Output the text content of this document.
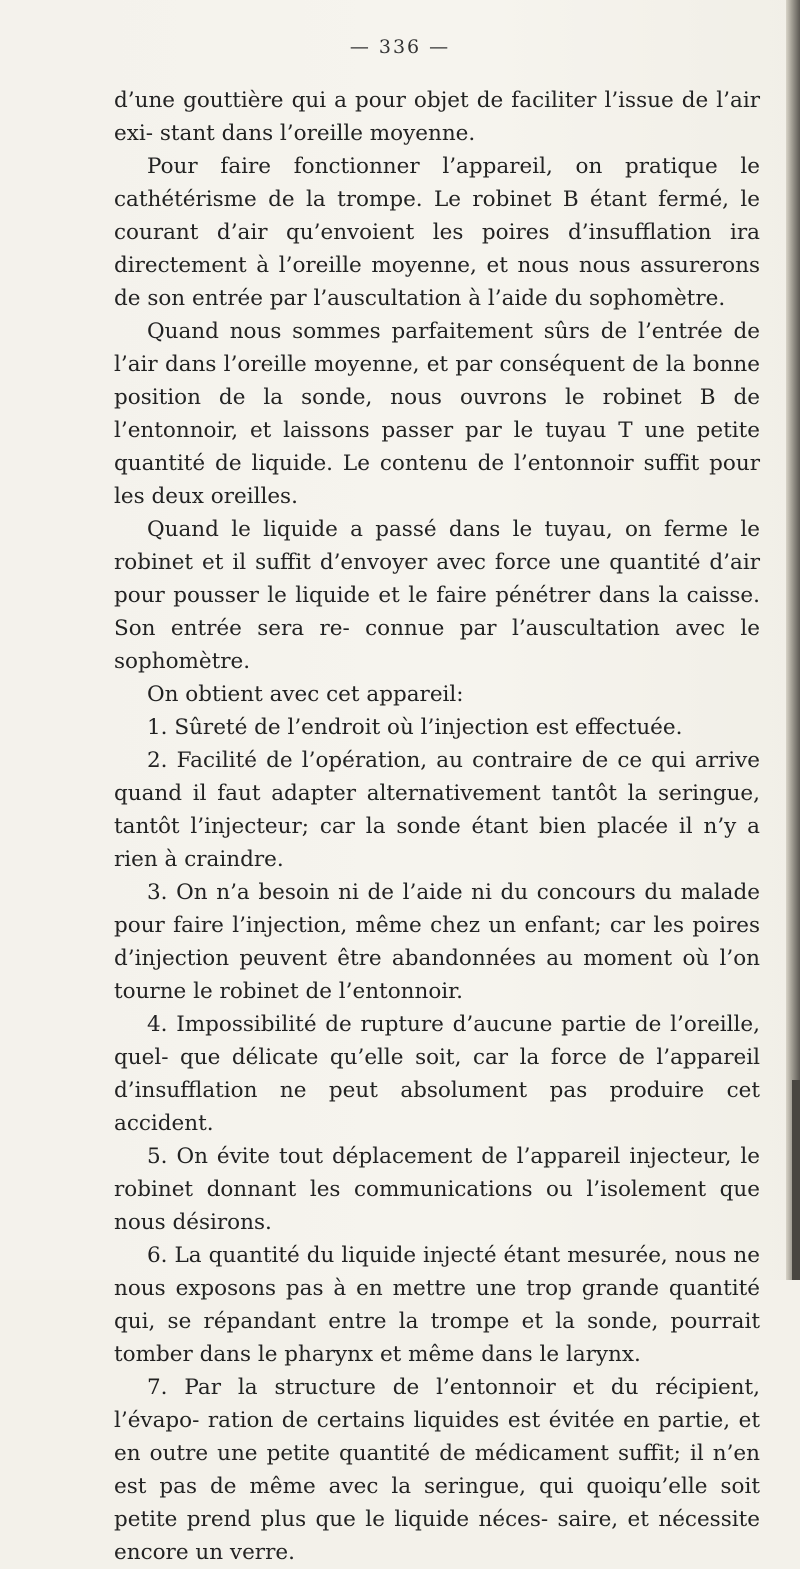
— 336 —

d’une gouttière qui a pour objet de faciliter l’issue de l’air exi- stant dans l’oreille moyenne.

Pour faire fonctionner l’appareil, on pratique le cathétérisme de la trompe. Le robinet B étant fermé, le courant d’air qu’envoient les poires d’insufflation ira directement à l’oreille moyenne, et nous nous assurerons de son entrée par l’auscultation à l’aide du sophomètre.

Quand nous sommes parfaitement sûrs de l’entrée de l’air dans l’oreille moyenne, et par conséquent de la bonne position de la sonde, nous ouvrons le robinet B de l’entonnoir, et laissons passer par le tuyau T une petite quantité de liquide. Le contenu de l’entonnoir suffit pour les deux oreilles.

Quand le liquide a passé dans le tuyau, on ferme le robinet et il suffit d’envoyer avec force une quantité d’air pour pousser le liquide et le faire pénétrer dans la caisse. Son entrée sera re- connue par l’auscultation avec le sophomètre.

On obtient avec cet appareil:

1. Sûreté de l’endroit où l’injection est effectuée.

2. Facilité de l’opération, au contraire de ce qui arrive quand il faut adapter alternativement tantôt la seringue, tantôt l’injecteur; car la sonde étant bien placée il n’y a rien à craindre.

3. On n’a besoin ni de l’aide ni du concours du malade pour faire l’injection, même chez un enfant; car les poires d’injection peuvent être abandonnées au moment où l’on tourne le robinet de l’entonnoir.

4. Impossibilité de rupture d’aucune partie de l’oreille, quel- que délicate qu’elle soit, car la force de l’appareil d’insufflation ne peut absolument pas produire cet accident.

5. On évite tout déplacement de l’appareil injecteur, le robinet donnant les communications ou l’isolement que nous désirons.

6. La quantité du liquide injecté étant mesurée, nous ne nous exposons pas à en mettre une trop grande quantité qui, se répandant entre la trompe et la sonde, pourrait tomber dans le pharynx et même dans le larynx.

7. Par la structure de l’entonnoir et du récipient, l’évapo- ration de certains liquides est évitée en partie, et en outre une petite quantité de médicament suffit; il n’en est pas de même avec la seringue, qui quoiqu’elle soit petite prend plus que le liquide néces- saire, et nécessite encore un verre.
